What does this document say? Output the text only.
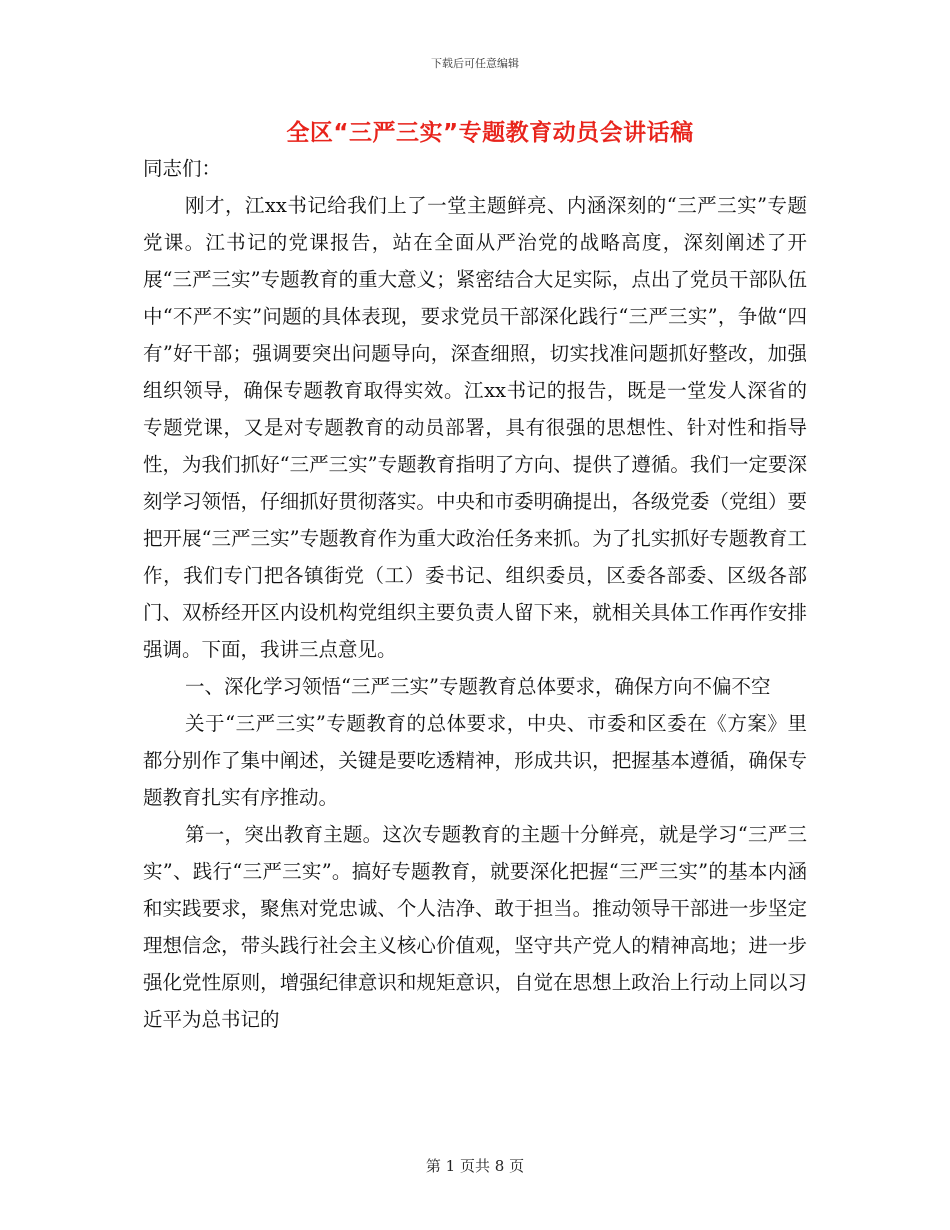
下载后可任意编辑
全区“三严三实”专题教育动员会讲话稿

同志们：

刚才，江xx书记给我们上了一堂主题鲜亮、内涵深刻的“三严三实”专题党课。江书记的党课报告，站在全面从严治党的战略高度，深刻阐述了开展“三严三实”专题教育的重大意义；紧密结合大足实际，点出了党员干部队伍中“不严不实”问题的具体表现，要求党员干部深化践行“三严三实”，争做“四有”好干部；强调要突出问题导向，深查细照，切实找准问题抓好整改，加强组织领导，确保专题教育取得实效。江xx书记的报告，既是一堂发人深省的专题党课，又是对专题教育的动员部署，具有很强的思想性、针对性和指导性，为我们抓好“三严三实”专题教育指明了方向、提供了遵循。我们一定要深刻学习领悟，仔细抓好贯彻落实。中央和市委明确提出，各级党委（党组）要把开展“三严三实”专题教育作为重大政治任务来抓。为了扎实抓好专题教育工作，我们专门把各镇街党（工）委书记、组织委员，区委各部委、区级各部门、双桥经开区内设机构党组织主要负责人留下来，就相关具体工作再作安排强调。下面，我讲三点意见。

一、深化学习领悟“三严三实”专题教育总体要求，确保方向不偏不空

关于“三严三实”专题教育的总体要求，中央、市委和区委在《方案》里都分别作了集中阐述，关键是要吃透精神，形成共识，把握基本遵循，确保专题教育扎实有序推动。

第一，突出教育主题。这次专题教育的主题十分鲜亮，就是学习“三严三实”、践行“三严三实”。搞好专题教育，就要深化把握“三严三实”的基本内涵和实践要求，聚焦对党忠诚、个人洁净、敢于担当。推动领导干部进一步坚定理想信念，带头践行社会主义核心价值观，坚守共产党人的精神高地；进一步强化党性原则，增强纪律意识和规矩意识，自觉在思想上政治上行动上同以习近平为总书记的

第 1 页共 8 页
